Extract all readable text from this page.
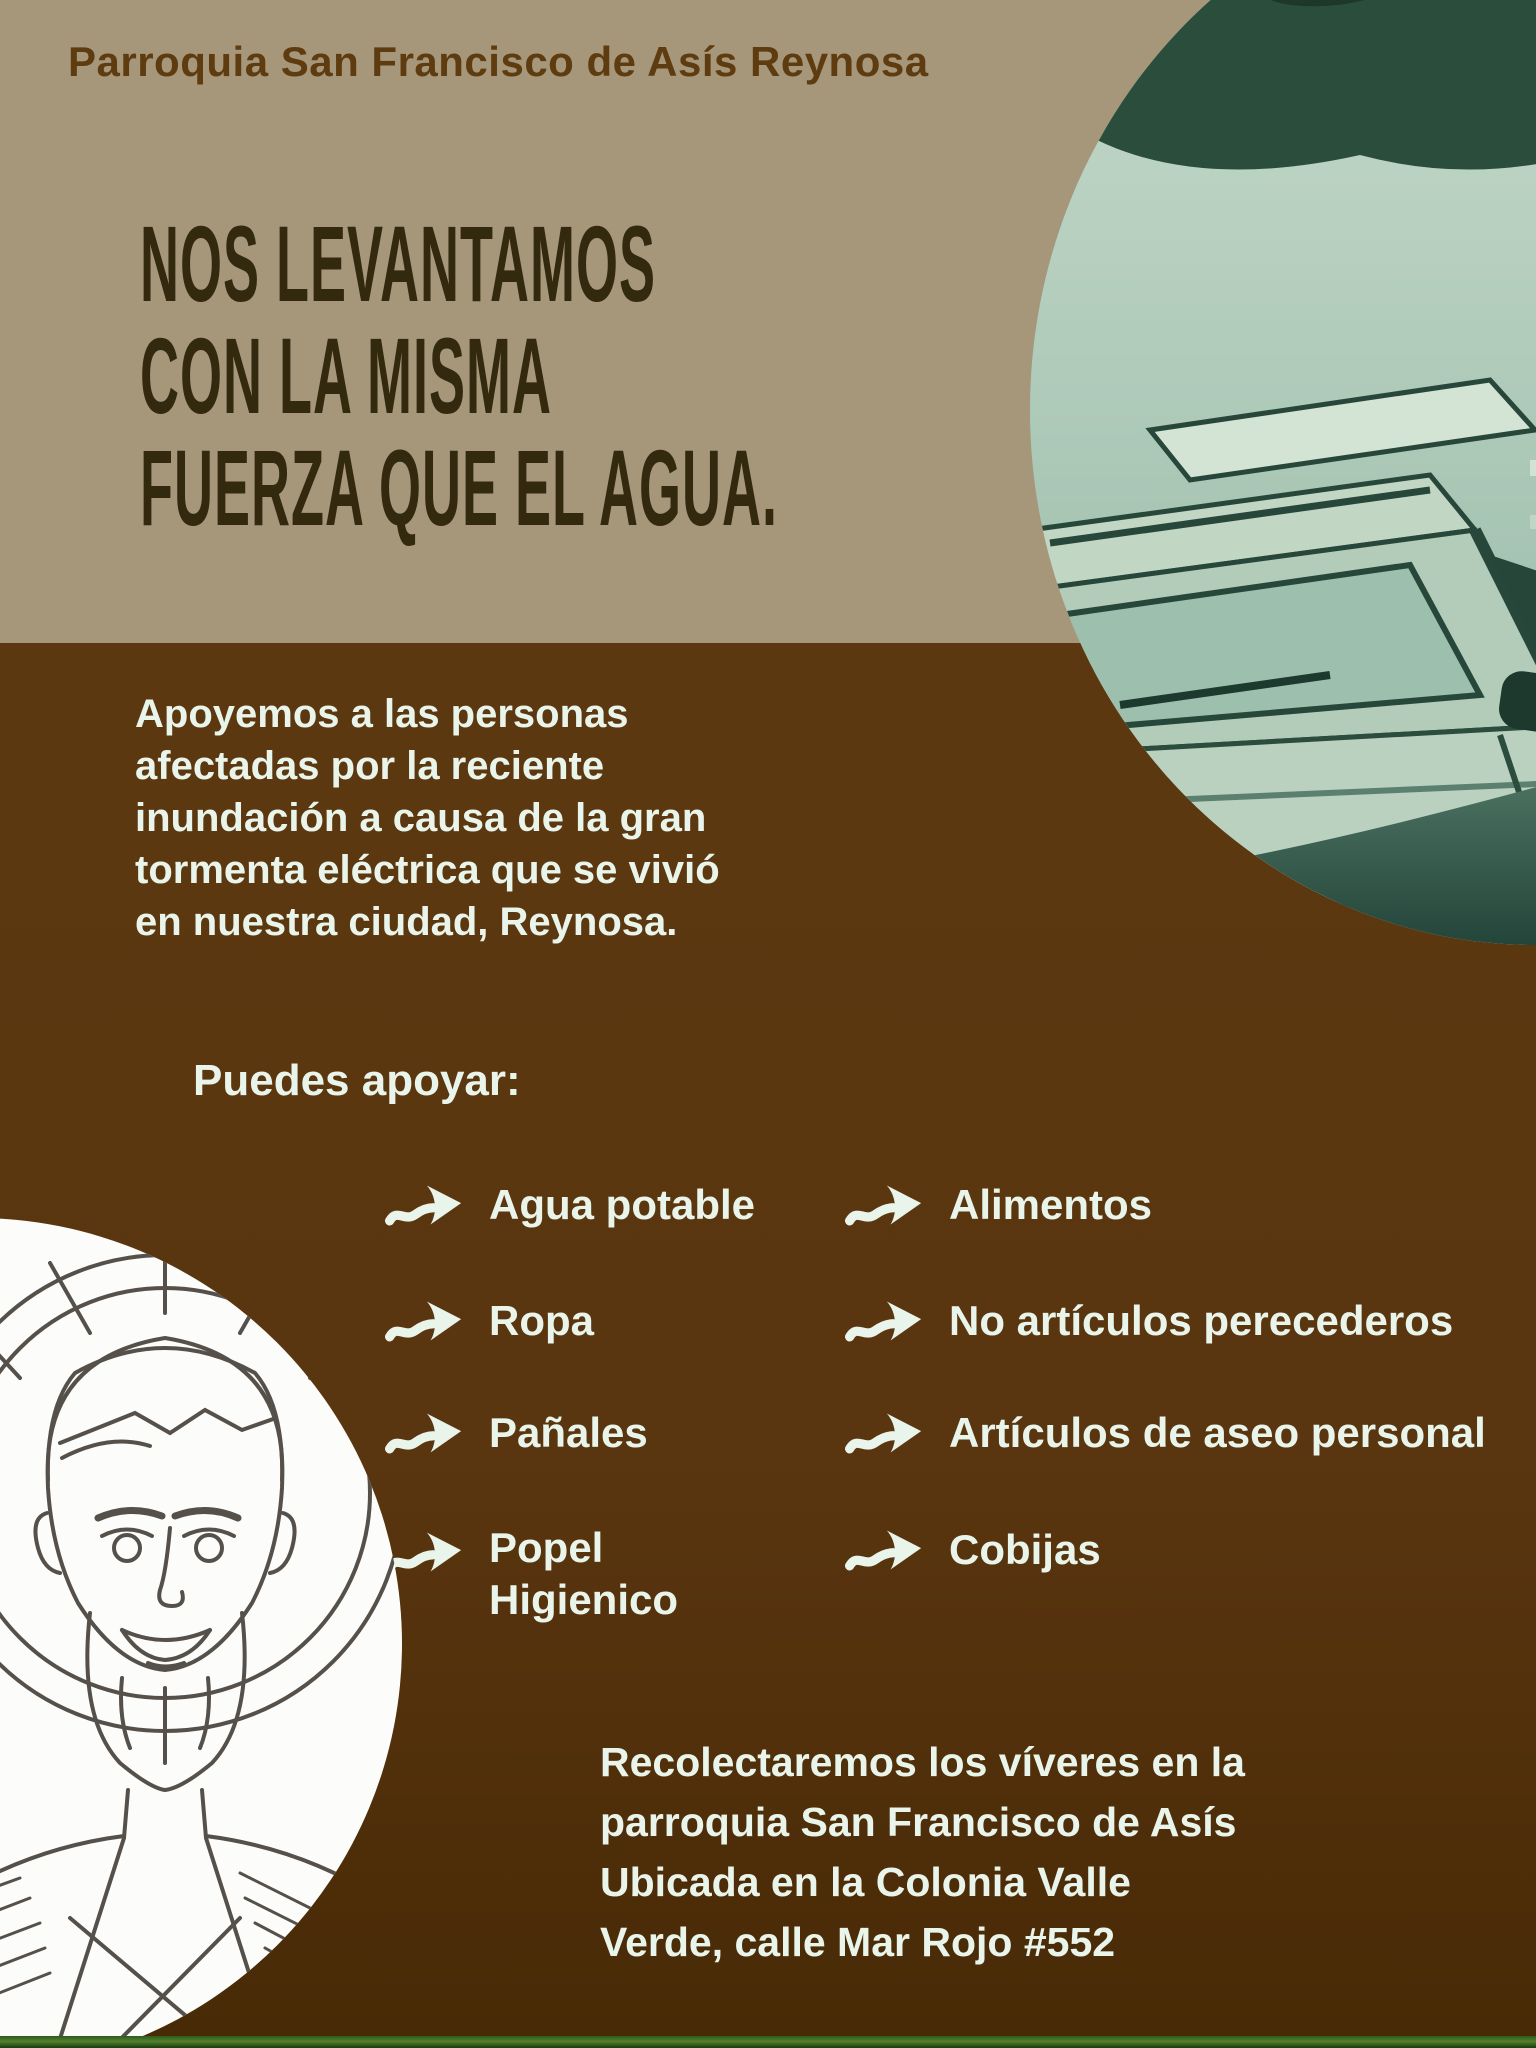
Parroquia San Francisco de Asís Reynosa
NOS LEVANTAMOS
CON LA MISMA
FUERZA QUE EL AGUA.
Apoyemos a las personas
afectadas por la reciente
inundación a causa de la gran
tormenta eléctrica que se vivió
en nuestra ciudad, Reynosa.
Puedes apoyar:
Agua potable
Ropa
Pañales
Popel Higienico
Alimentos
No artículos perecederos
Artículos de aseo personal
Cobijas
Recolectaremos los víveres en la
parroquia San Francisco de Asís
Ubicada en la Colonia Valle
Verde, calle Mar Rojo #552
